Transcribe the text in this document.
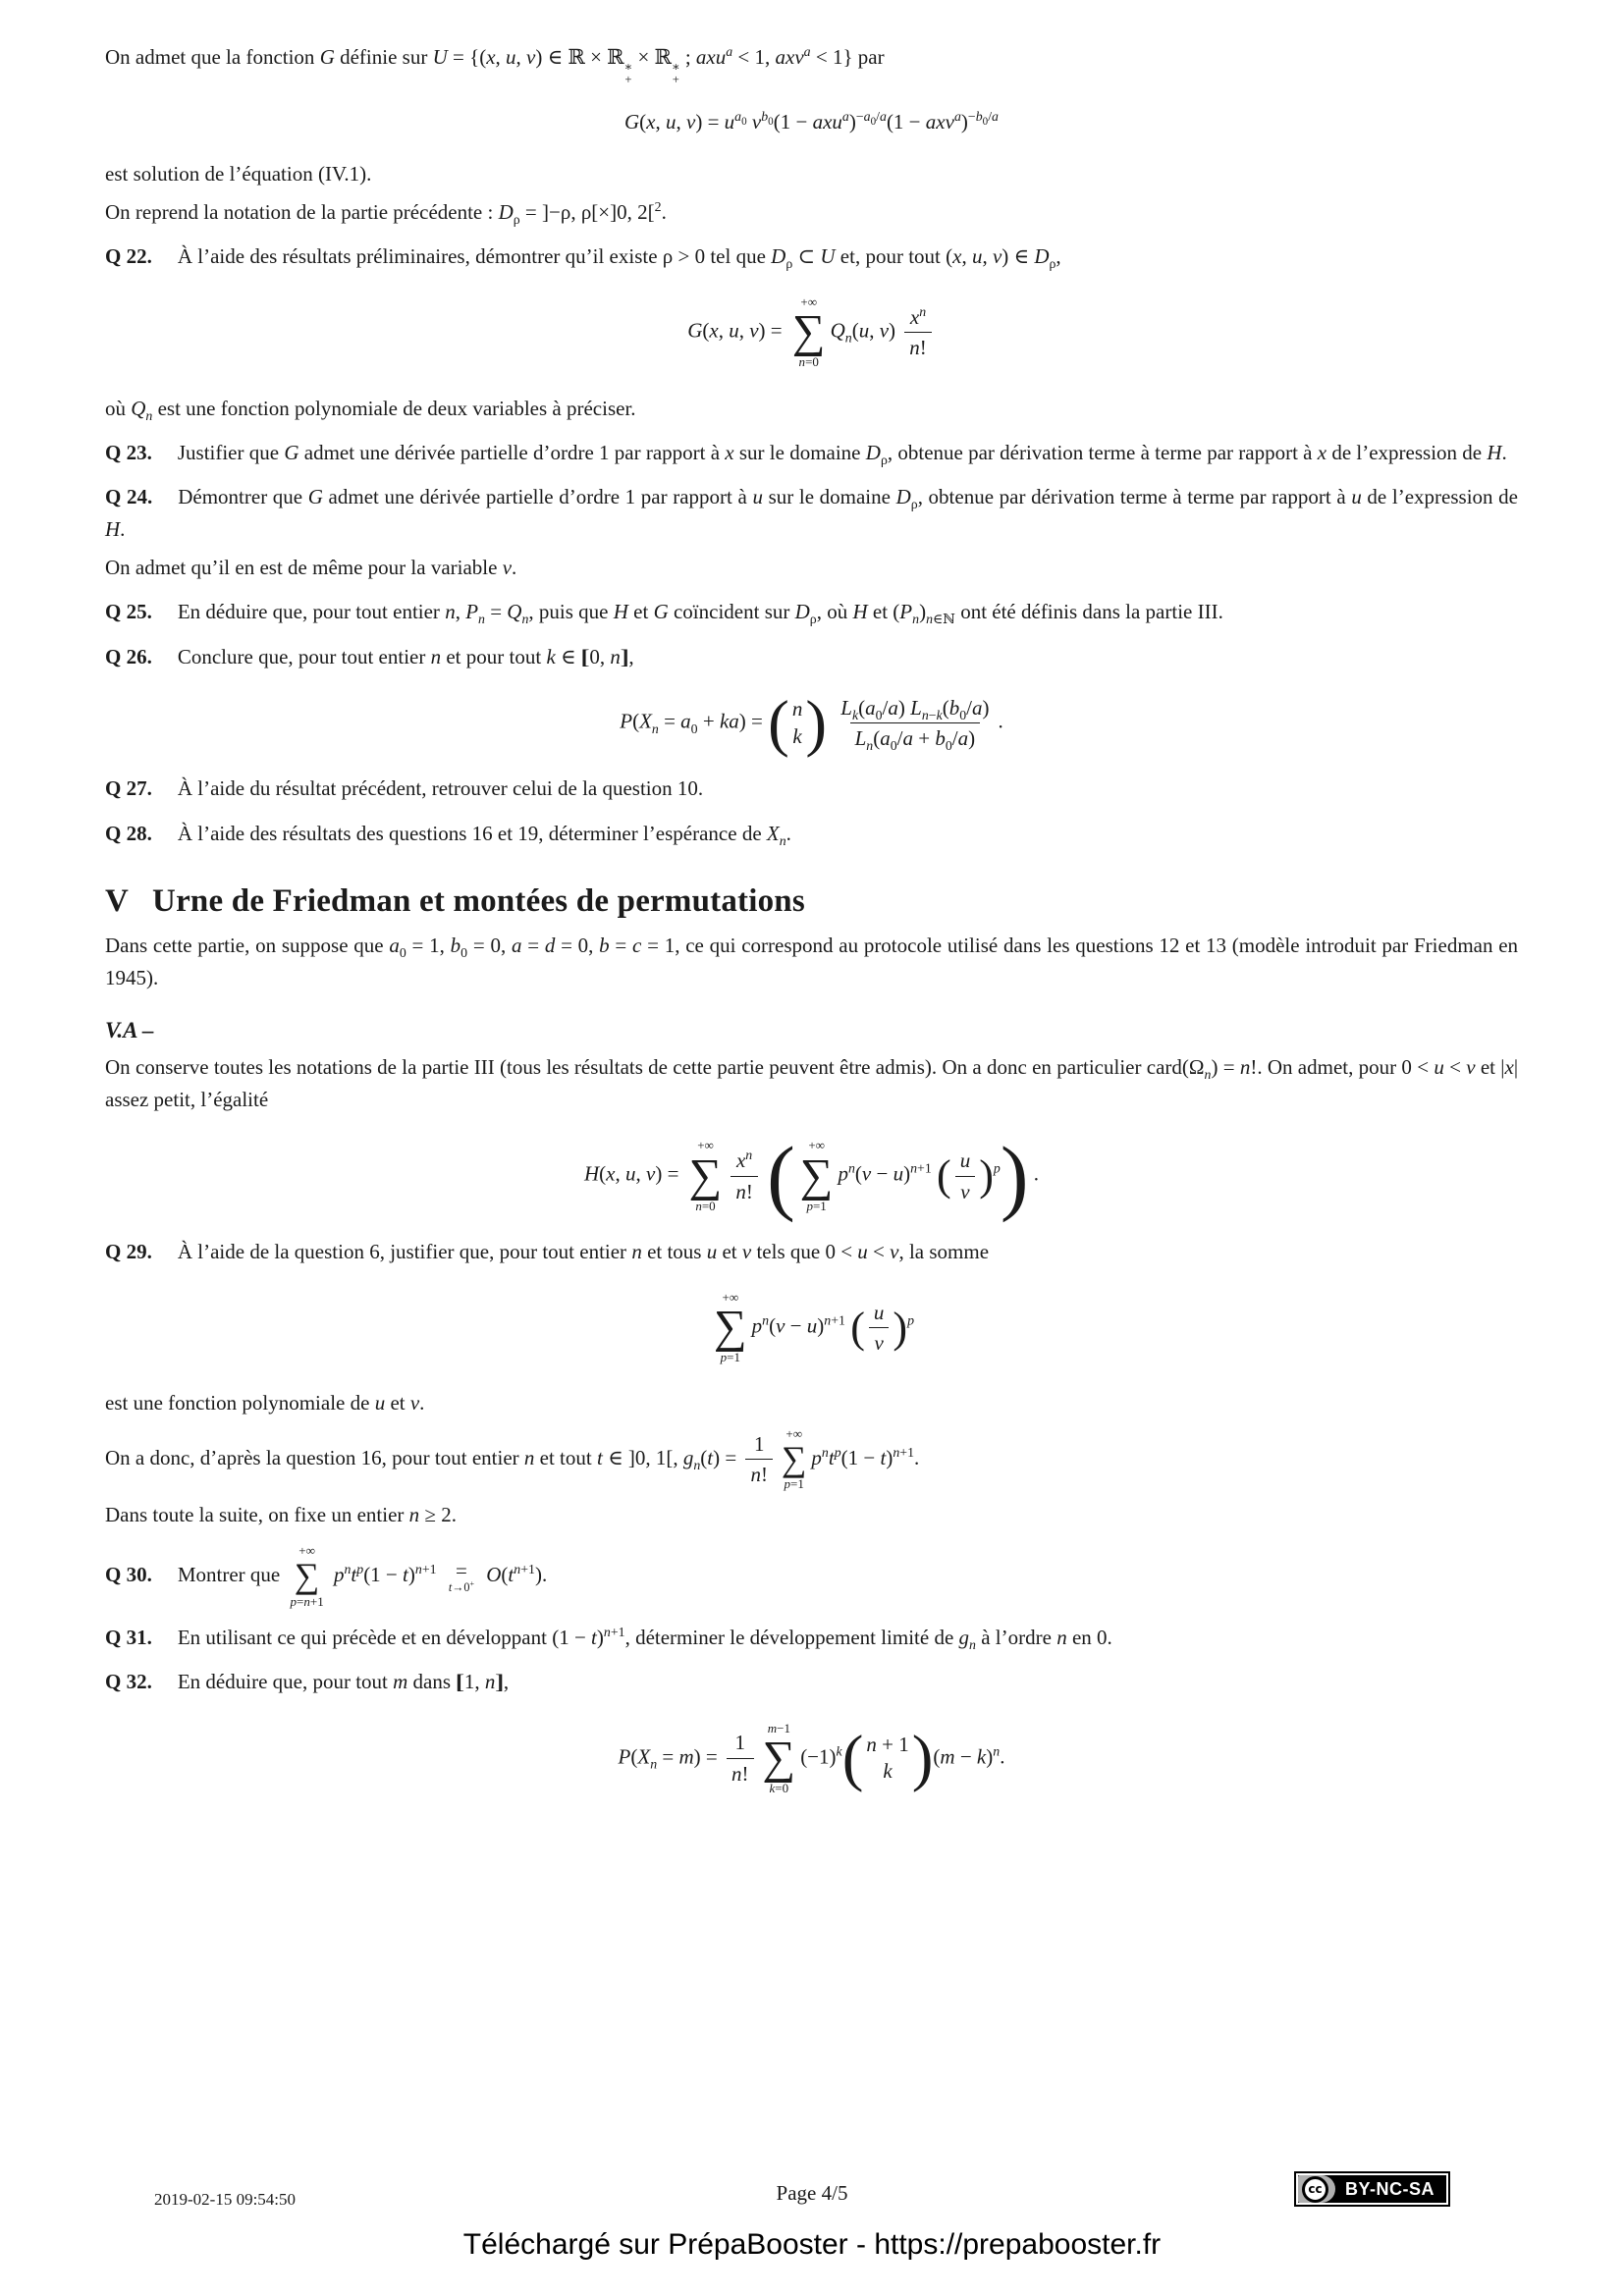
On admet que la fonction G définie sur U = {(x, u, v) ∈ ℝ × ℝ ∗
+
× ℝ ∗
+
; axu$^a$ < 1, axv$^a$ < 1} par

G(x, u, $v) = u^{a_0}$ $v^{b_0}(1 - axu^a)^{-a_0/a}(1 - axv^a)^{-b_0/a}$

est solution de l’équation (IV.1).

On reprend la notation de la partie précédente : $D_\rho = ]-\rho$, ρ[×]0, 2[$^2$.

Q 22. À l’aide des résultats préliminaires, démontrer qu’il existe ρ > 0 tel que $D_\rho$ ⊂ U et, pour tout (x, u, v) ∈ $D_\rho$,

G(x, u, v) =
+∞
∑
n=0
$Q_n(u$, $v) \frac{x^n}{n!}$

où $Q_n$ est une fonction polynomiale de deux variables à préciser.

Q 23. Justifier que G admet une dérivée partielle d’ordre 1 par rapport à x sur le domaine $D_\rho$, obtenue par dérivation terme à terme par rapport à x de l’expression de H.

Q 24. Démontrer que G admet une dérivée partielle d’ordre 1 par rapport à u sur le domaine $D_\rho$, obtenue par dérivation terme à terme par rapport à u de l’expression de H.

On admet qu’il en est de même pour la variable v.

Q 25. En déduire que, pour tout entier n, $P_n = Q_n$, puis que H et G coïncident sur $D_\rho$, où H et $(P_n)_{n\in ℕ}$ ont été définis dans la partie III.

Q 26. Conclure que, pour tout entier n et pour tout k ∈ [[ 0, n]] ,

$P(X_n = a_0 + ka)$ = ( n
k ) $\frac{L_k(a_0/a) L_{n-k}(b_0/a)}{L_n(a_0/a + b_0/a)}$ .

Q 27. À l’aide du résultat précédent, retrouver celui de la question 10.

Q 28. À l’aide des résultats des questions 16 et 19, déterminer l’espérance de $X_n$.

V Urne de Friedman et montées de permutations

Dans cette partie, on suppose que $a_0 = 1$, $b_0 = 0$, a = d = 0, b = c = 1, ce qui correspond au protocole utilisé dans les questions 12 et 13 (modèle introduit par Friedman en 1945).

V.A –

On conserve toutes les notations de la partie III (tous les résultats de cette partie peuvent être admis). On a donc en particulier $card(\Omega_n) = n$!. On admet, pour 0 < u < v et |x| assez petit, l’égalité

H(x, u, v) =
+∞
∑
n=0
$\frac{x^n}{n!}$ ( +∞
∑
p=1
$p^n(v - u)^{n+1}$ ( $\frac{u}{v} )^p$) .

Q 29. À l’aide de la question 6, justifier que, pour tout entier n et tous u et v tels que 0 < u < v, la somme

+∞
∑
p=1
$p^n(v - u)^{n+1}$ ( $\frac{u}{v} )^p$

est une fonction polynomiale de u et v.

On a donc, d’après la question 16, pour tout entier n et tout t ∈ ]0, 1[, $g_n(t) = \frac{1}{n!}$ +∞
∑
p=1
$p^nt^p(1 - t)^{n+1}$.

Dans toute la suite, on fixe un entier n ≥ 2.

Q 30. Montrer que
+∞
∑
p=n+1
$p^nt^p(1 - t)^{n+1}$ =
t→0+ $O(t^{n+1})$.

Q 31. En utilisant ce qui précède et en développant $(1 - t)^{n+1}$, déterminer le développement limité de $g_n$ à l’ordre n en 0.

Q 32. En déduire que, pour tout m dans [[ 1, n]] ,

$P(X_n = m) = \frac{1}{n!}$
m−1
∑
k=0
$(-1)^k$( n + 1
k )$(m - k)^n$.
2019-02-15 09:54:50	Page 4/5	cc	BY-NC-SA
Téléchargé sur PrépaBooster - https://prepabooster.fr
